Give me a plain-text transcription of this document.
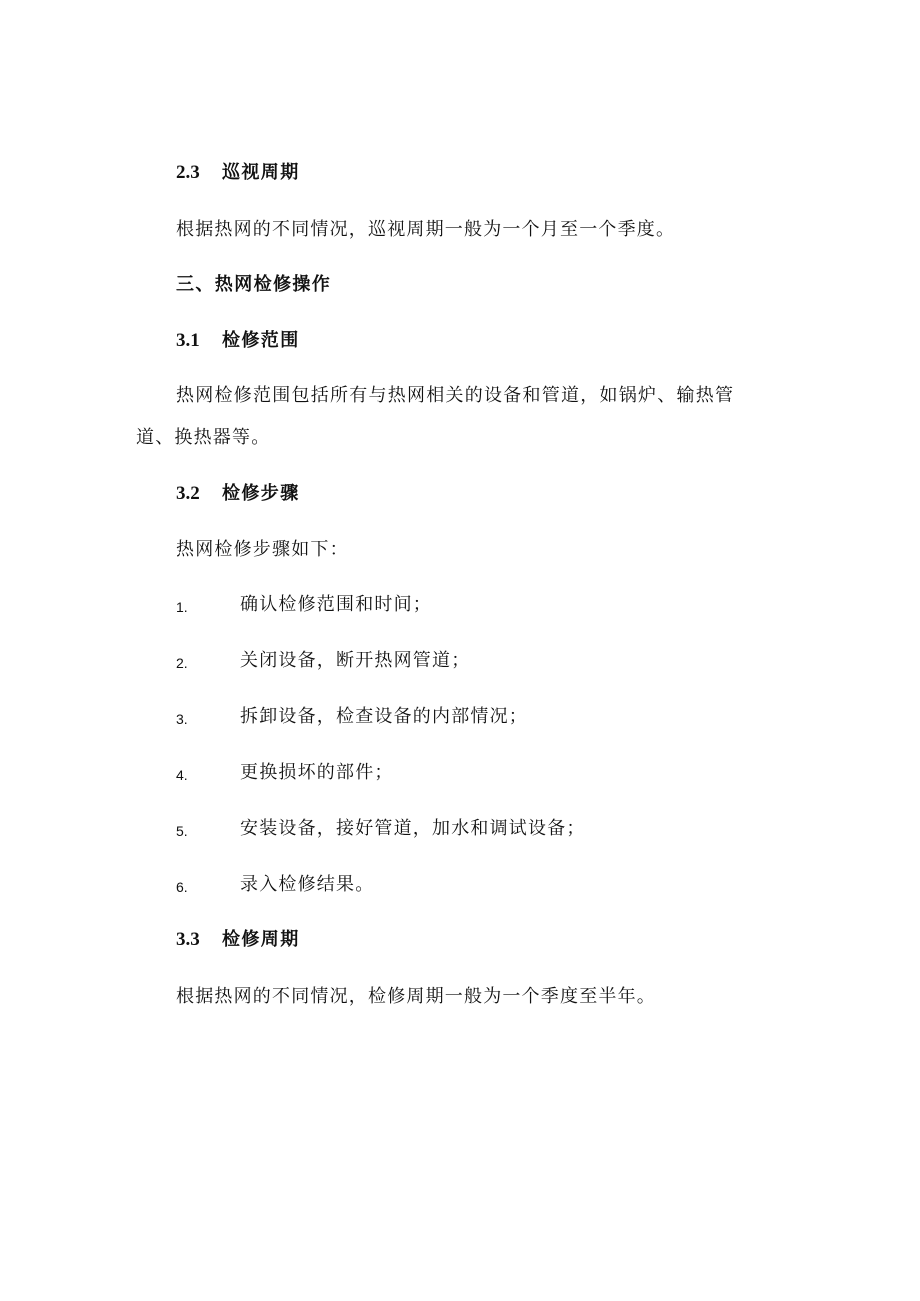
2.3 巡视周期
根据热网的不同情况，巡视周期一般为一个月至一个季度。
三、热网检修操作
3.1 检修范围
热网检修范围包括所有与热网相关的设备和管道，如锅炉、输热管
道、换热器等。
3.2 检修步骤
热网检修步骤如下：
1.	确认检修范围和时间；
2.	关闭设备，断开热网管道；
3.	拆卸设备，检查设备的内部情况；
4.	更换损坏的部件；
5.	安装设备，接好管道，加水和调试设备；
6.	录入检修结果。
3.3 检修周期
根据热网的不同情况，检修周期一般为一个季度至半年。
